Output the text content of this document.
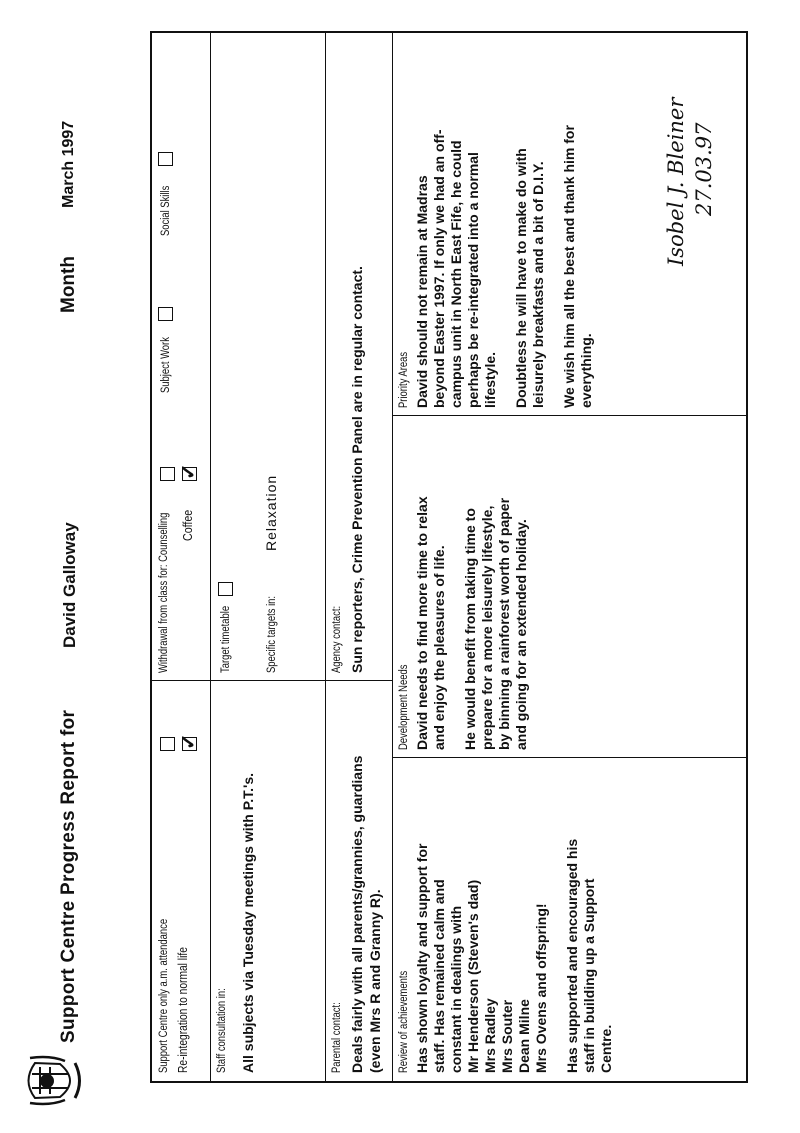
Support Centre Progress Report for
David Galloway
Month
March 1997
Support Centre only a.m. attendance Re-integration to normal life
✓
Withdrawal from class for: Counselling Coffee
✓
Subject Work
Social Skills
Staff consultation in: All subjects via Tuesday meetings with P.T.'s.
Target timetable	Specific targets in:
Relaxation
Parental contact: Deals fairly with all parents/grannies, guardians (even Mrs R and Granny R).
Agency contact: Sun reporters, Crime Prevention Panel are in regular contact.
Review of achievements Has shown loyalty and support for staff. Has remained calm and constant in dealings with Mr Henderson (Steven's dad) Mrs Radley Mrs Souter Dean Milne Mrs Ovens and offspring! Has supported and encouraged his staff in building up a Support Centre.
Development Needs David needs to find more time to relax and enjoy the pleasures of life. He would benefit from taking time to prepare for a more leisurely lifestyle, by binning a rainforest worth of paper and going for an extended holiday.
Priority Areas David should not remain at Madras beyond Easter 1997. If only we had an off- campus unit in North East Fife, he could perhaps be re-integrated into a normal lifestyle. Doubtless he will have to make do with leisurely breakfasts and a bit of D.I.Y. We wish him all the best and thank him for everything.
Isobel J. Bleiner 27.03.97
